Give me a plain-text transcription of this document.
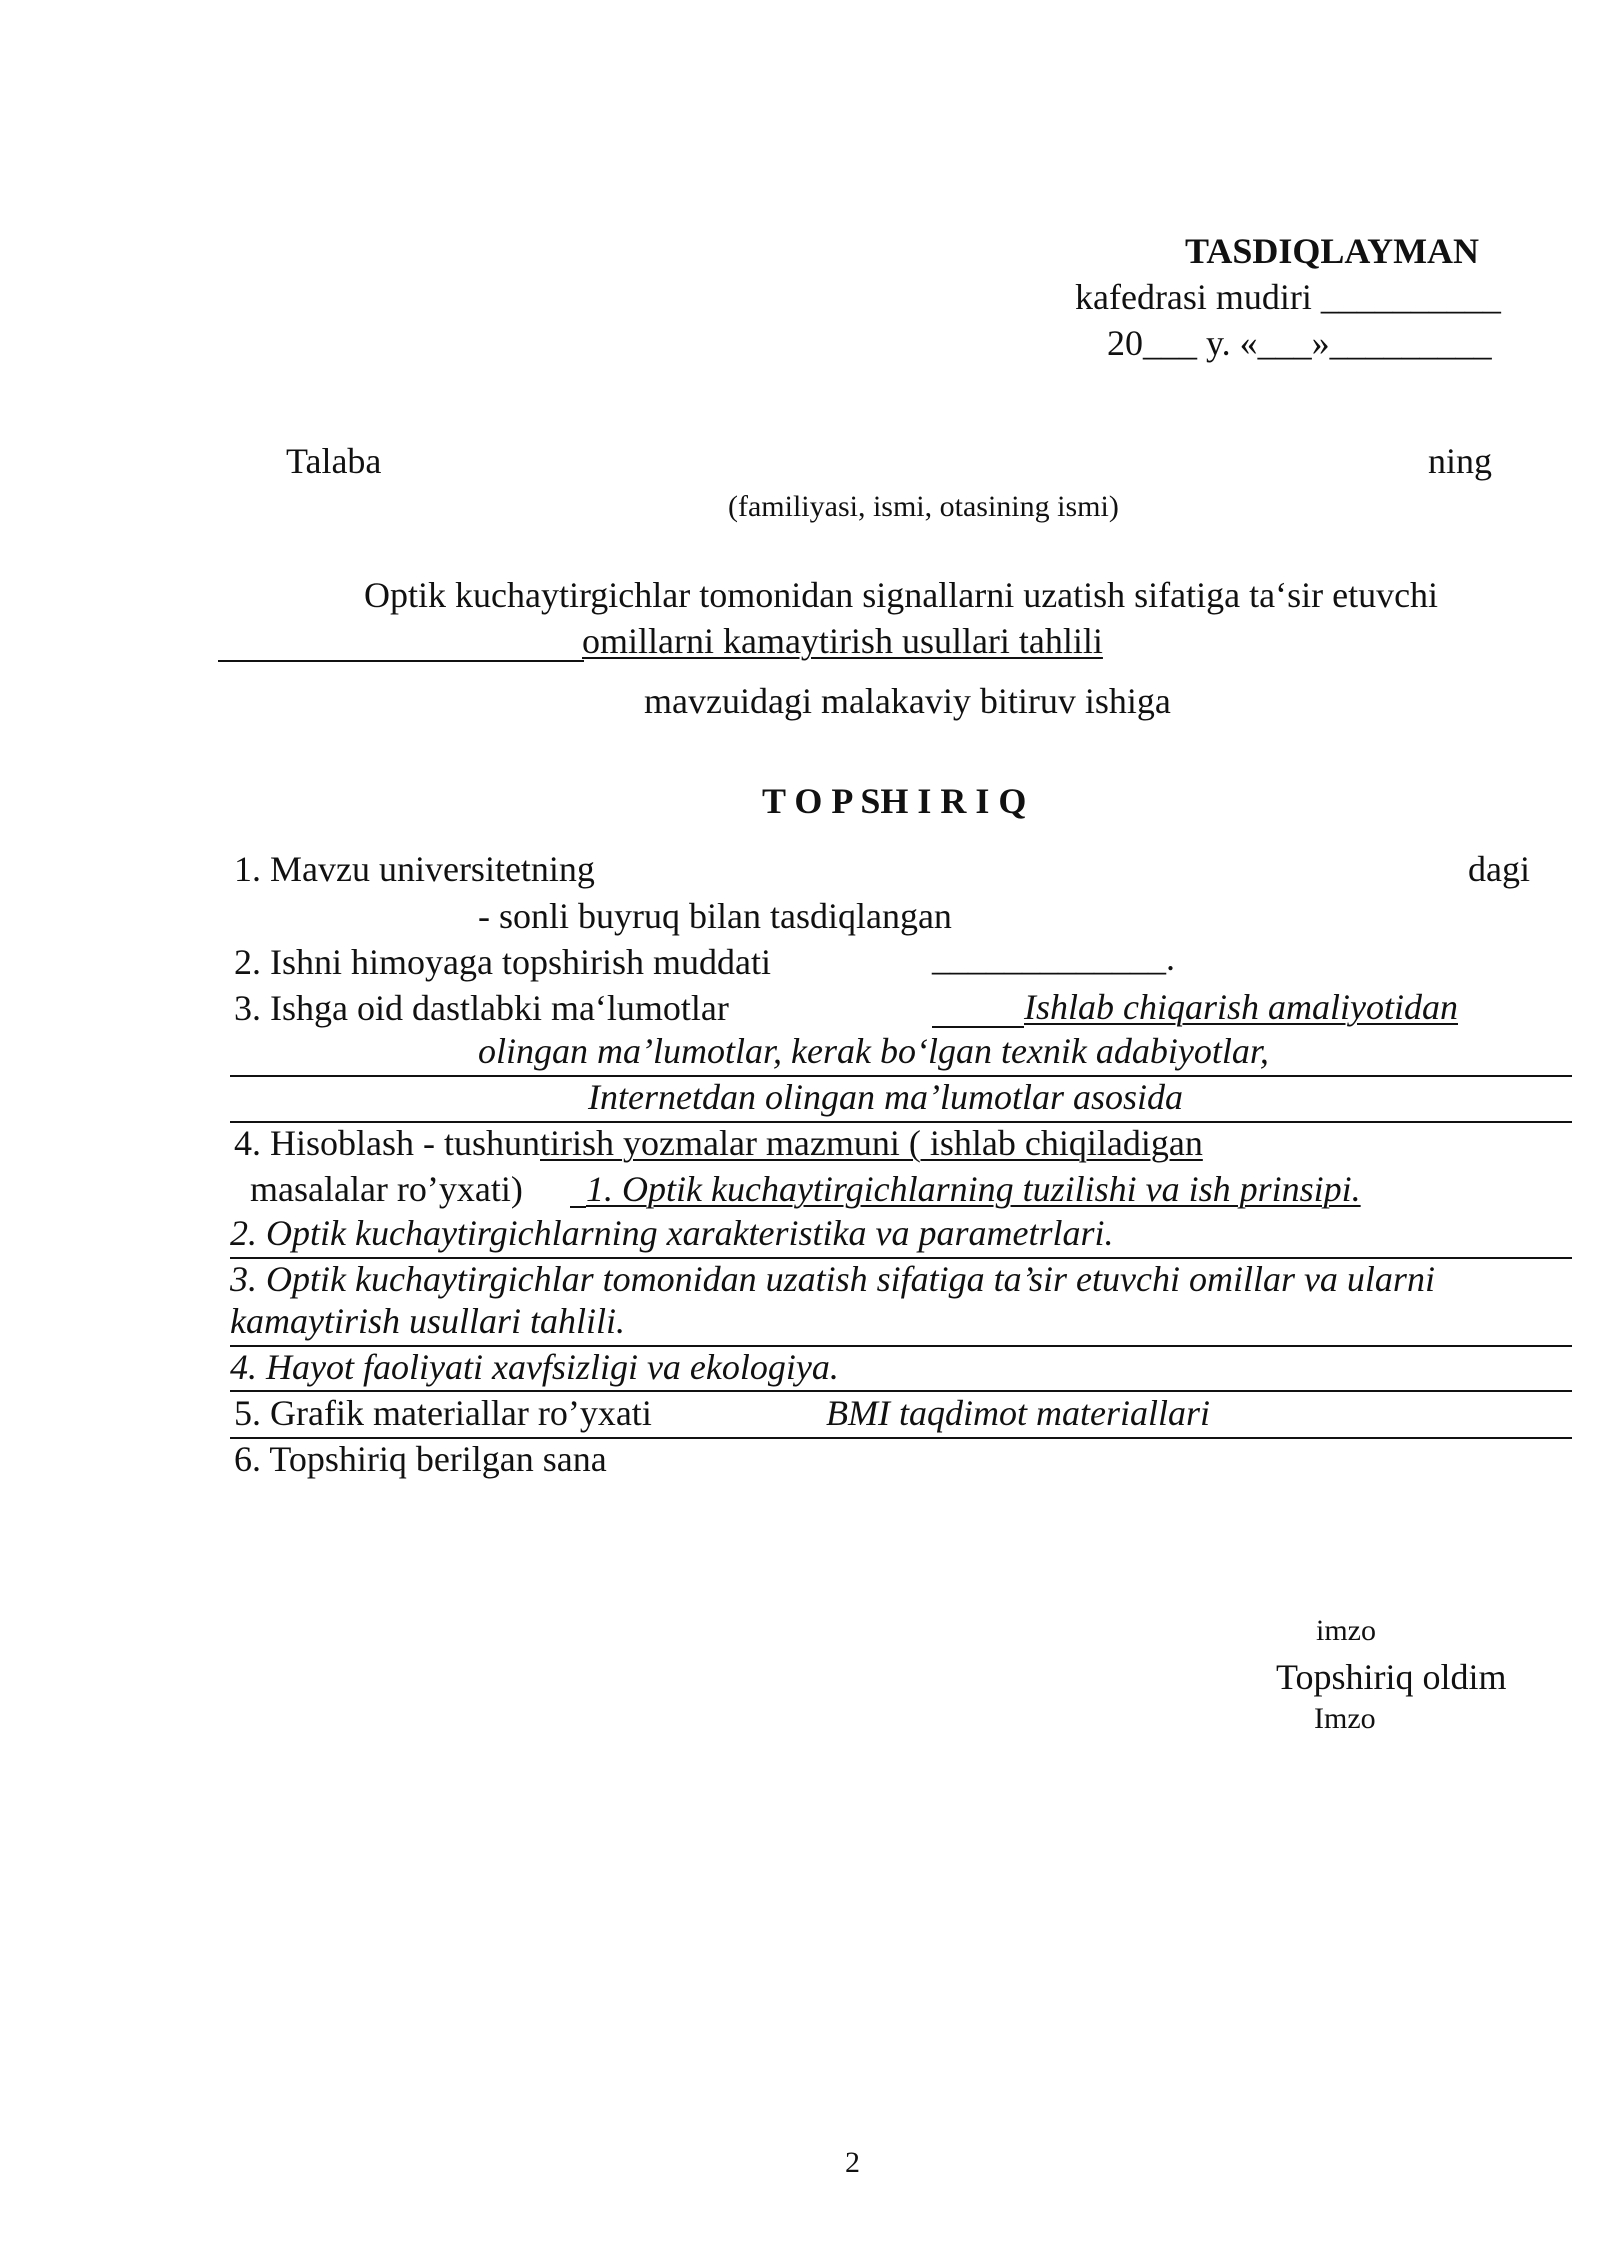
TASDIQLAYMAN
kafedrasi mudiri __________
20___ y. «___»_________
Talaba	ning
(familiyasi, ismi, otasining ismi)
Optik kuchaytirgichlar tomonidan signallarni uzatish sifatiga ta‘sir etuvchi
omillarni kamaytirish usullari tahlili
mavzuidagi malakaviy bitiruv ishiga
T O P SH I R I Q
1. Mavzu universitetning	dagi
- sonli buyruq bilan tasdiqlangan
2. Ishni himoyaga topshirish muddati	_____________.
3. Ishga oid dastlabki ma‘lumotlar	Ishlab chiqarish amaliyotidan
olingan ma’lumotlar, kerak bo‘lgan texnik adabiyotlar,
Internetdan olingan ma’lumotlar asosida
4. Hisoblash - tushuntirish yozmalar mazmuni ( ishlab chiqiladigan
masalalar ro’yxati) 1. Optik kuchaytirgichlarning tuzilishi va ish prinsipi.
2. Optik kuchaytirgichlarning xarakteristika va parametrlari.
3. Optik kuchaytirgichlar tomonidan uzatish sifatiga ta’sir etuvchi omillar va ularni
kamaytirish usullari tahlili.
4. Hayot faoliyati xavfsizligi va ekologiya.
5. Grafik materiallar ro’yxati	BMI taqdimot materiallari
6. Topshiriq berilgan sana
imzo
Topshiriq oldim
Imzo
2
